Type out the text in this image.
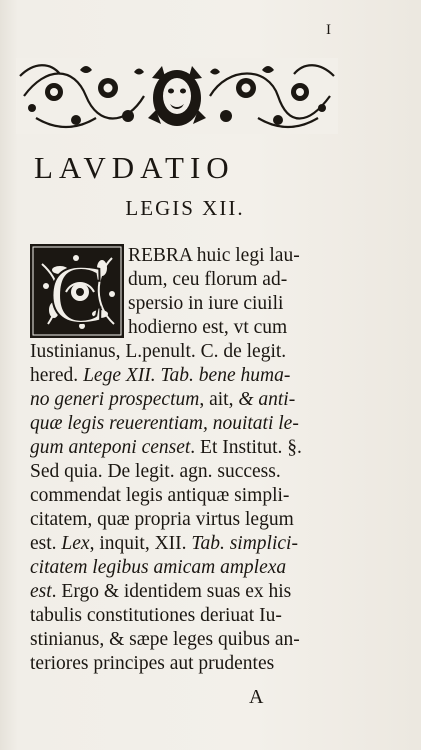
I
LAVDATIO
LEGIS XII.
C REBRA huic legi lau-
dum, ceu florum ad-
spersio in iure ciuili
hodierno est, vt cum
Iustinianus, L.penult. C. de legit.
hered. Lege XII. Tab. bene huma-
no generi prospectum, ait, & anti-
quæ legis reuerentiam, nouitati le-
gum anteponi censet. Et Institut. §.
Sed quia. De legit. agn. success.
commendat legis antiquæ simpli-
citatem, quæ propria virtus legum
est. Lex, inquit, XII. Tab. simplici-
citatem legibus amicam amplexa
est. Ergo & identidem suas ex his
tabulis constitutiones deriuat Iu-
stinianus, & sæpe leges quibus an-
teriores principes aut prudentes
A
